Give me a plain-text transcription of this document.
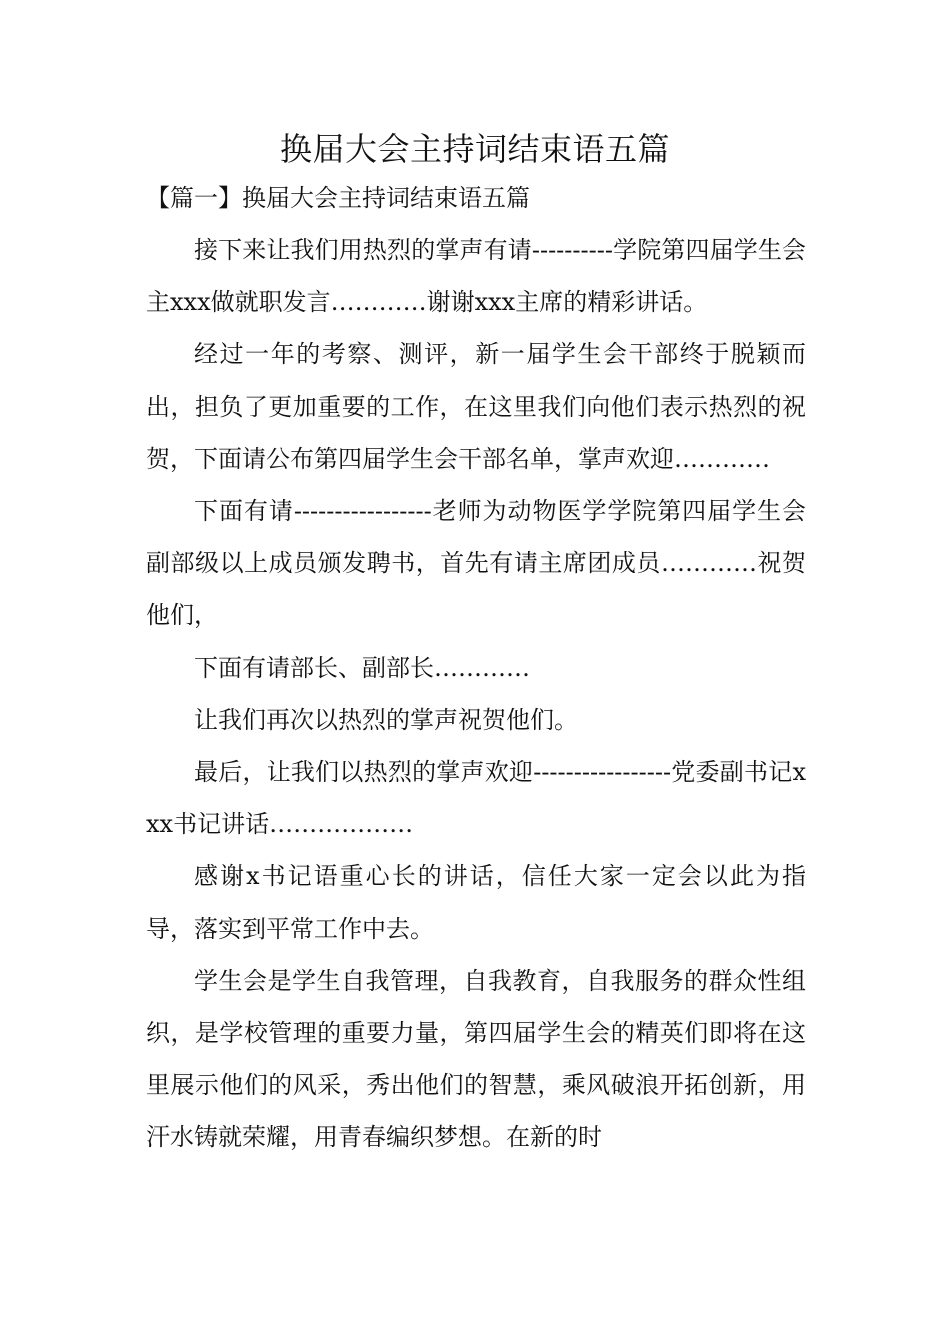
换届大会主持词结束语五篇

【篇一】换届大会主持词结束语五篇

接下来让我们用热烈的掌声有请----------学院第四届学生会主xxx做就职发言…………谢谢xxx主席的精彩讲话。

经过一年的考察、测评，新一届学生会干部终于脱颖而出，担负了更加重要的工作，在这里我们向他们表示热烈的祝贺，下面请公布第四届学生会干部名单，掌声欢迎…………

下面有请-----------------老师为动物医学学院第四届学生会副部级以上成员颁发聘书，首先有请主席团成员…………祝贺他们，

下面有请部长、副部长…………

让我们再次以热烈的掌声祝贺他们。

最后，让我们以热烈的掌声欢迎-----------------党委副书记xxx书记讲话………………

感谢x书记语重心长的讲话，信任大家一定会以此为指导，落实到平常工作中去。

学生会是学生自我管理，自我教育，自我服务的群众性组织，是学校管理的重要力量，第四届学生会的精英们即将在这里展示他们的风采，秀出他们的智慧，乘风破浪开拓创新，用汗水铸就荣耀，用青春编织梦想。在新的时
